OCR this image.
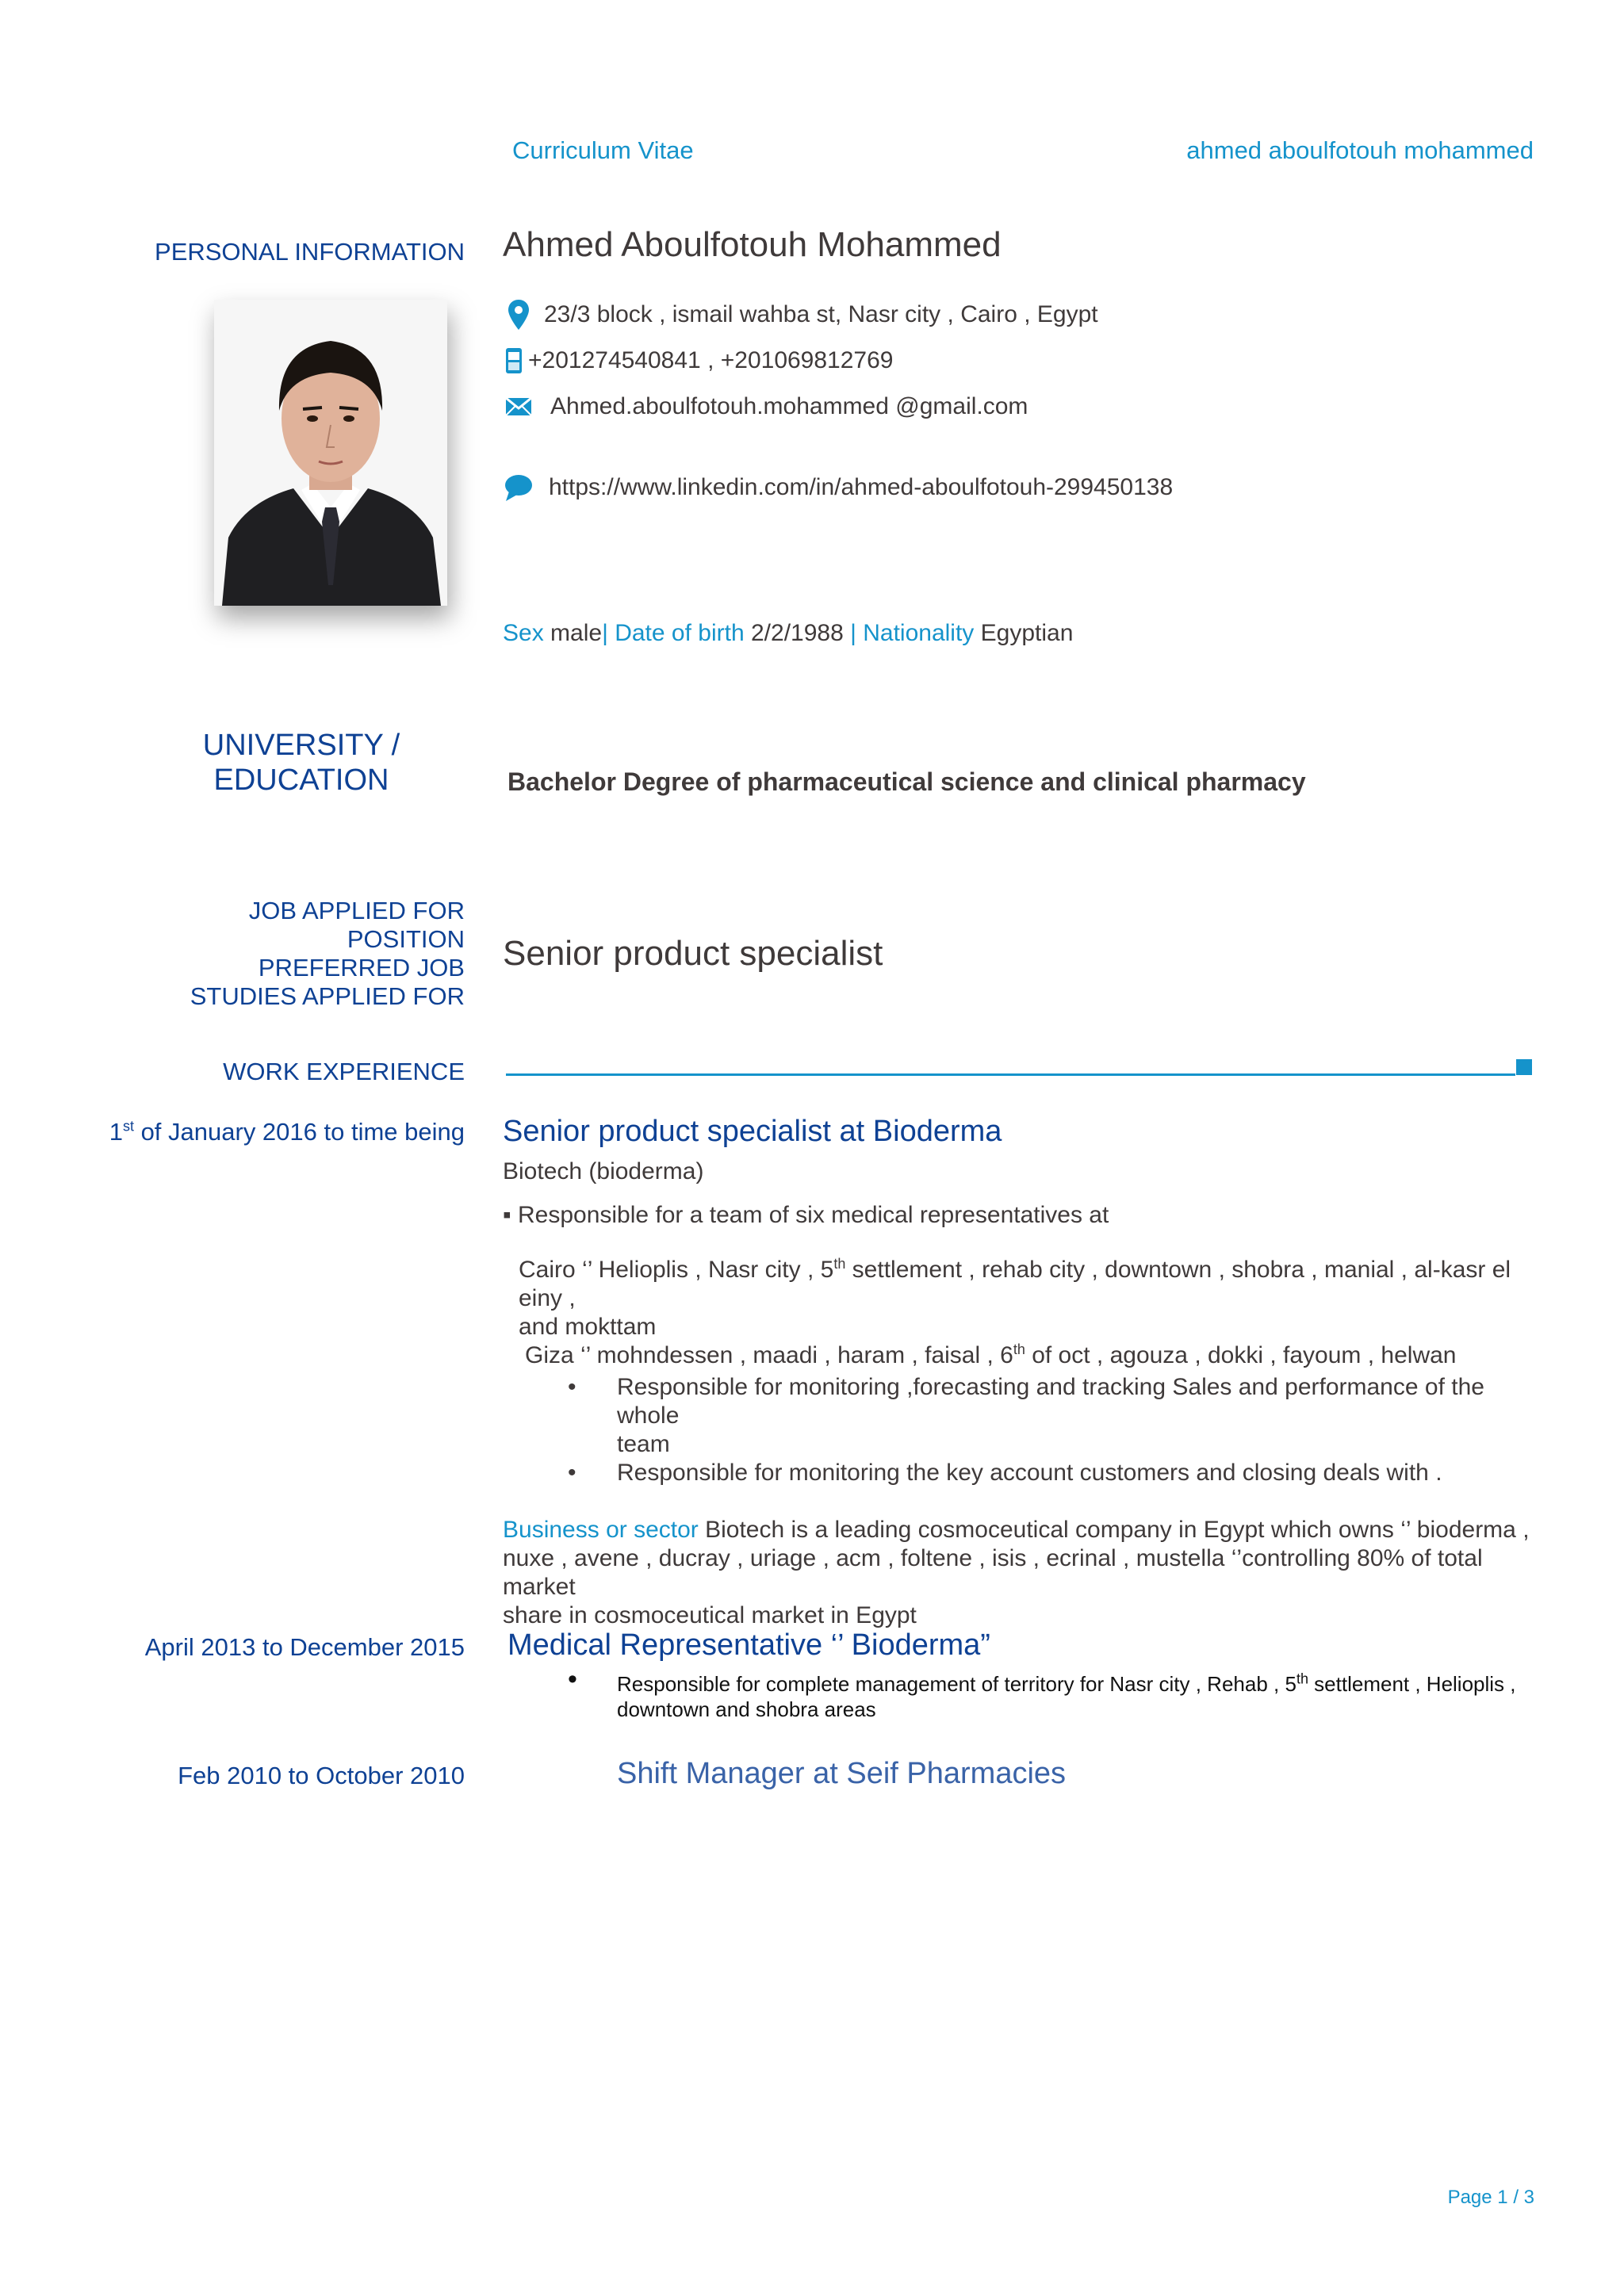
Curriculum Vitae	ahmed aboulfotouh mohammed
PERSONAL INFORMATION Ahmed Aboulfotouh Mohammed
23/3 block , ismail wahba st, Nasr city , Cairo , Egypt
+201274540841 , +201069812769
Ahmed.aboulfotouh.mohammed @gmail.com
https://www.linkedin.com/in/ahmed-aboulfotouh-299450138
Sex male| Date of birth 2/2/1988 | Nationality Egyptian
UNIVERSITY /
EDUCATION	Bachelor Degree of pharmaceutical science and clinical pharmacy
JOB APPLIED FOR
POSITION
PREFERRED JOB
STUDIES APPLIED FOR
Senior product specialist
WORK EXPERIENCE
1st of January 2016 to time being Senior product specialist at Bioderma
Biotech (bioderma)
▪ Responsible for a team of six medical representatives at
Cairo ‘’ Helioplis , Nasr city , 5th settlement , rehab city , downtown , shobra , manial , al-kasr el einy ,
and mokttam
Giza ‘’ mohndessen , maadi , haram , faisal , 6th of oct , agouza , dokki , fayoum , helwan
• Responsible for monitoring ,forecasting and tracking Sales and performance of the whole
team
• Responsible for monitoring the key account customers and closing deals with .
Business or sector Biotech is a leading cosmoceutical company in Egypt which owns ‘’ bioderma ,
nuxe , avene , ducray , uriage , acm , foltene , isis , ecrinal , mustella ‘’controlling 80% of total market
share in cosmoceutical market in Egypt
April 2013 to December 2015 Medical Representative ‘’ Bioderma”
• Responsible for complete management of territory for Nasr city , Rehab , 5th settlement , Helioplis ,
downtown and shobra areas
Feb 2010 to October 2010	Shift Manager at Seif Pharmacies
Page 1 / 3
